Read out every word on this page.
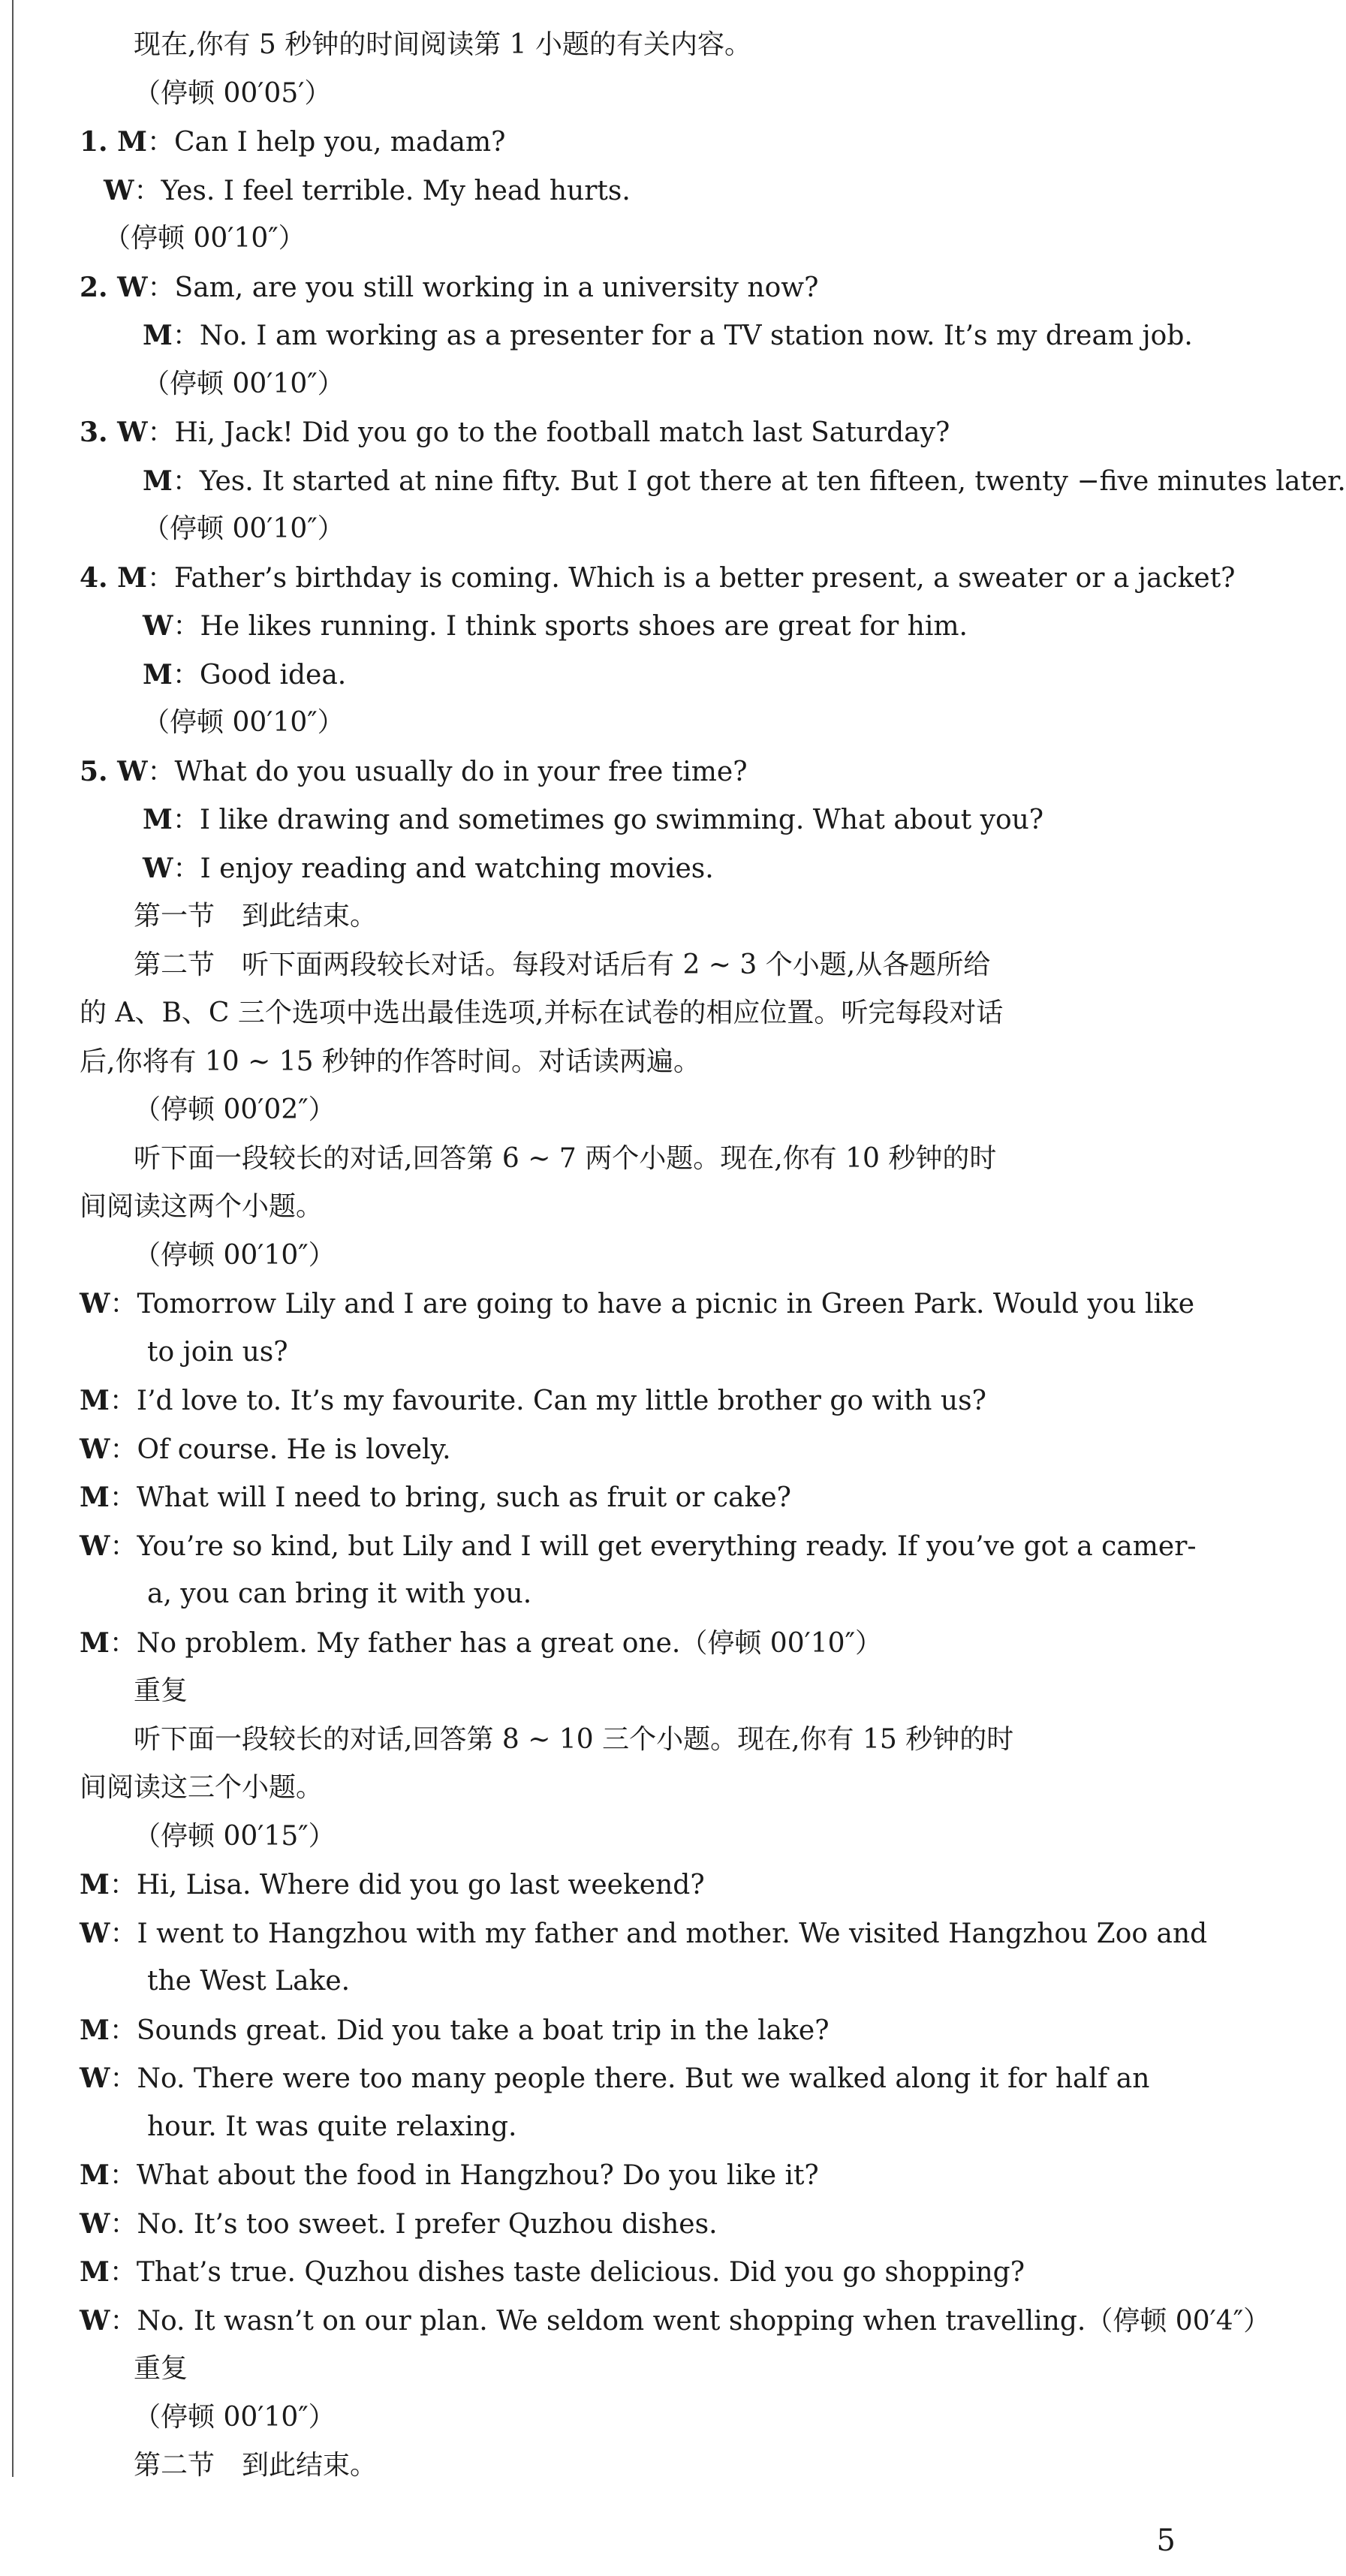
现在,你有 5 秒钟的时间阅读第 1 小题的有关内容。
（停顿 00′05′）
1. M：Can I help you, madam?
W：Yes. I feel terrible. My head hurts.
（停顿 00′10″）
2. W：Sam, are you still working in a university now?
M：No. I am working as a presenter for a TV station now. It’s my dream job.
（停顿 00′10″）
3. W：Hi, Jack! Did you go to the football match last Saturday?
M：Yes. It started at nine fifty. But I got there at ten fifteen, twenty −five minutes later.
（停顿 00′10″）
4. M：Father’s birthday is coming. Which is a better present, a sweater or a jacket?
W：He likes running. I think sports shoes are great for him.
M：Good idea.
（停顿 00′10″）
5. W：What do you usually do in your free time?
M：I like drawing and sometimes go swimming. What about you?
W：I enjoy reading and watching movies.
第一节　到此结束。
第二节　听下面两段较长对话。每段对话后有 2 ~ 3 个小题,从各题所给
的 A、B、C 三个选项中选出最佳选项,并标在试卷的相应位置。听完每段对话
后,你将有 10 ~ 15 秒钟的作答时间。对话读两遍。
（停顿 00′02″）
听下面一段较长的对话,回答第 6 ~ 7 两个小题。现在,你有 10 秒钟的时
间阅读这两个小题。
（停顿 00′10″）
W：Tomorrow Lily and I are going to have a picnic in Green Park. Would you like
to join us?
M：I’d love to. It’s my favourite. Can my little brother go with us?
W：Of course. He is lovely.
M：What will I need to bring, such as fruit or cake?
W：You’re so kind, but Lily and I will get everything ready. If you’ve got a camer-
a, you can bring it with you.
M：No problem. My father has a great one.（停顿 00′10″）
重复
听下面一段较长的对话,回答第 8 ~ 10 三个小题。现在,你有 15 秒钟的时
间阅读这三个小题。
（停顿 00′15″）
M：Hi, Lisa. Where did you go last weekend?
W：I went to Hangzhou with my father and mother. We visited Hangzhou Zoo and
the West Lake.
M：Sounds great. Did you take a boat trip in the lake?
W：No. There were too many people there. But we walked along it for half an
hour. It was quite relaxing.
M：What about the food in Hangzhou? Do you like it?
W：No. It’s too sweet. I prefer Quzhou dishes.
M：That’s true. Quzhou dishes taste delicious. Did you go shopping?
W：No. It wasn’t on our plan. We seldom went shopping when travelling.（停顿 00′4″）
重复
（停顿 00′10″）
第二节　到此结束。
5
